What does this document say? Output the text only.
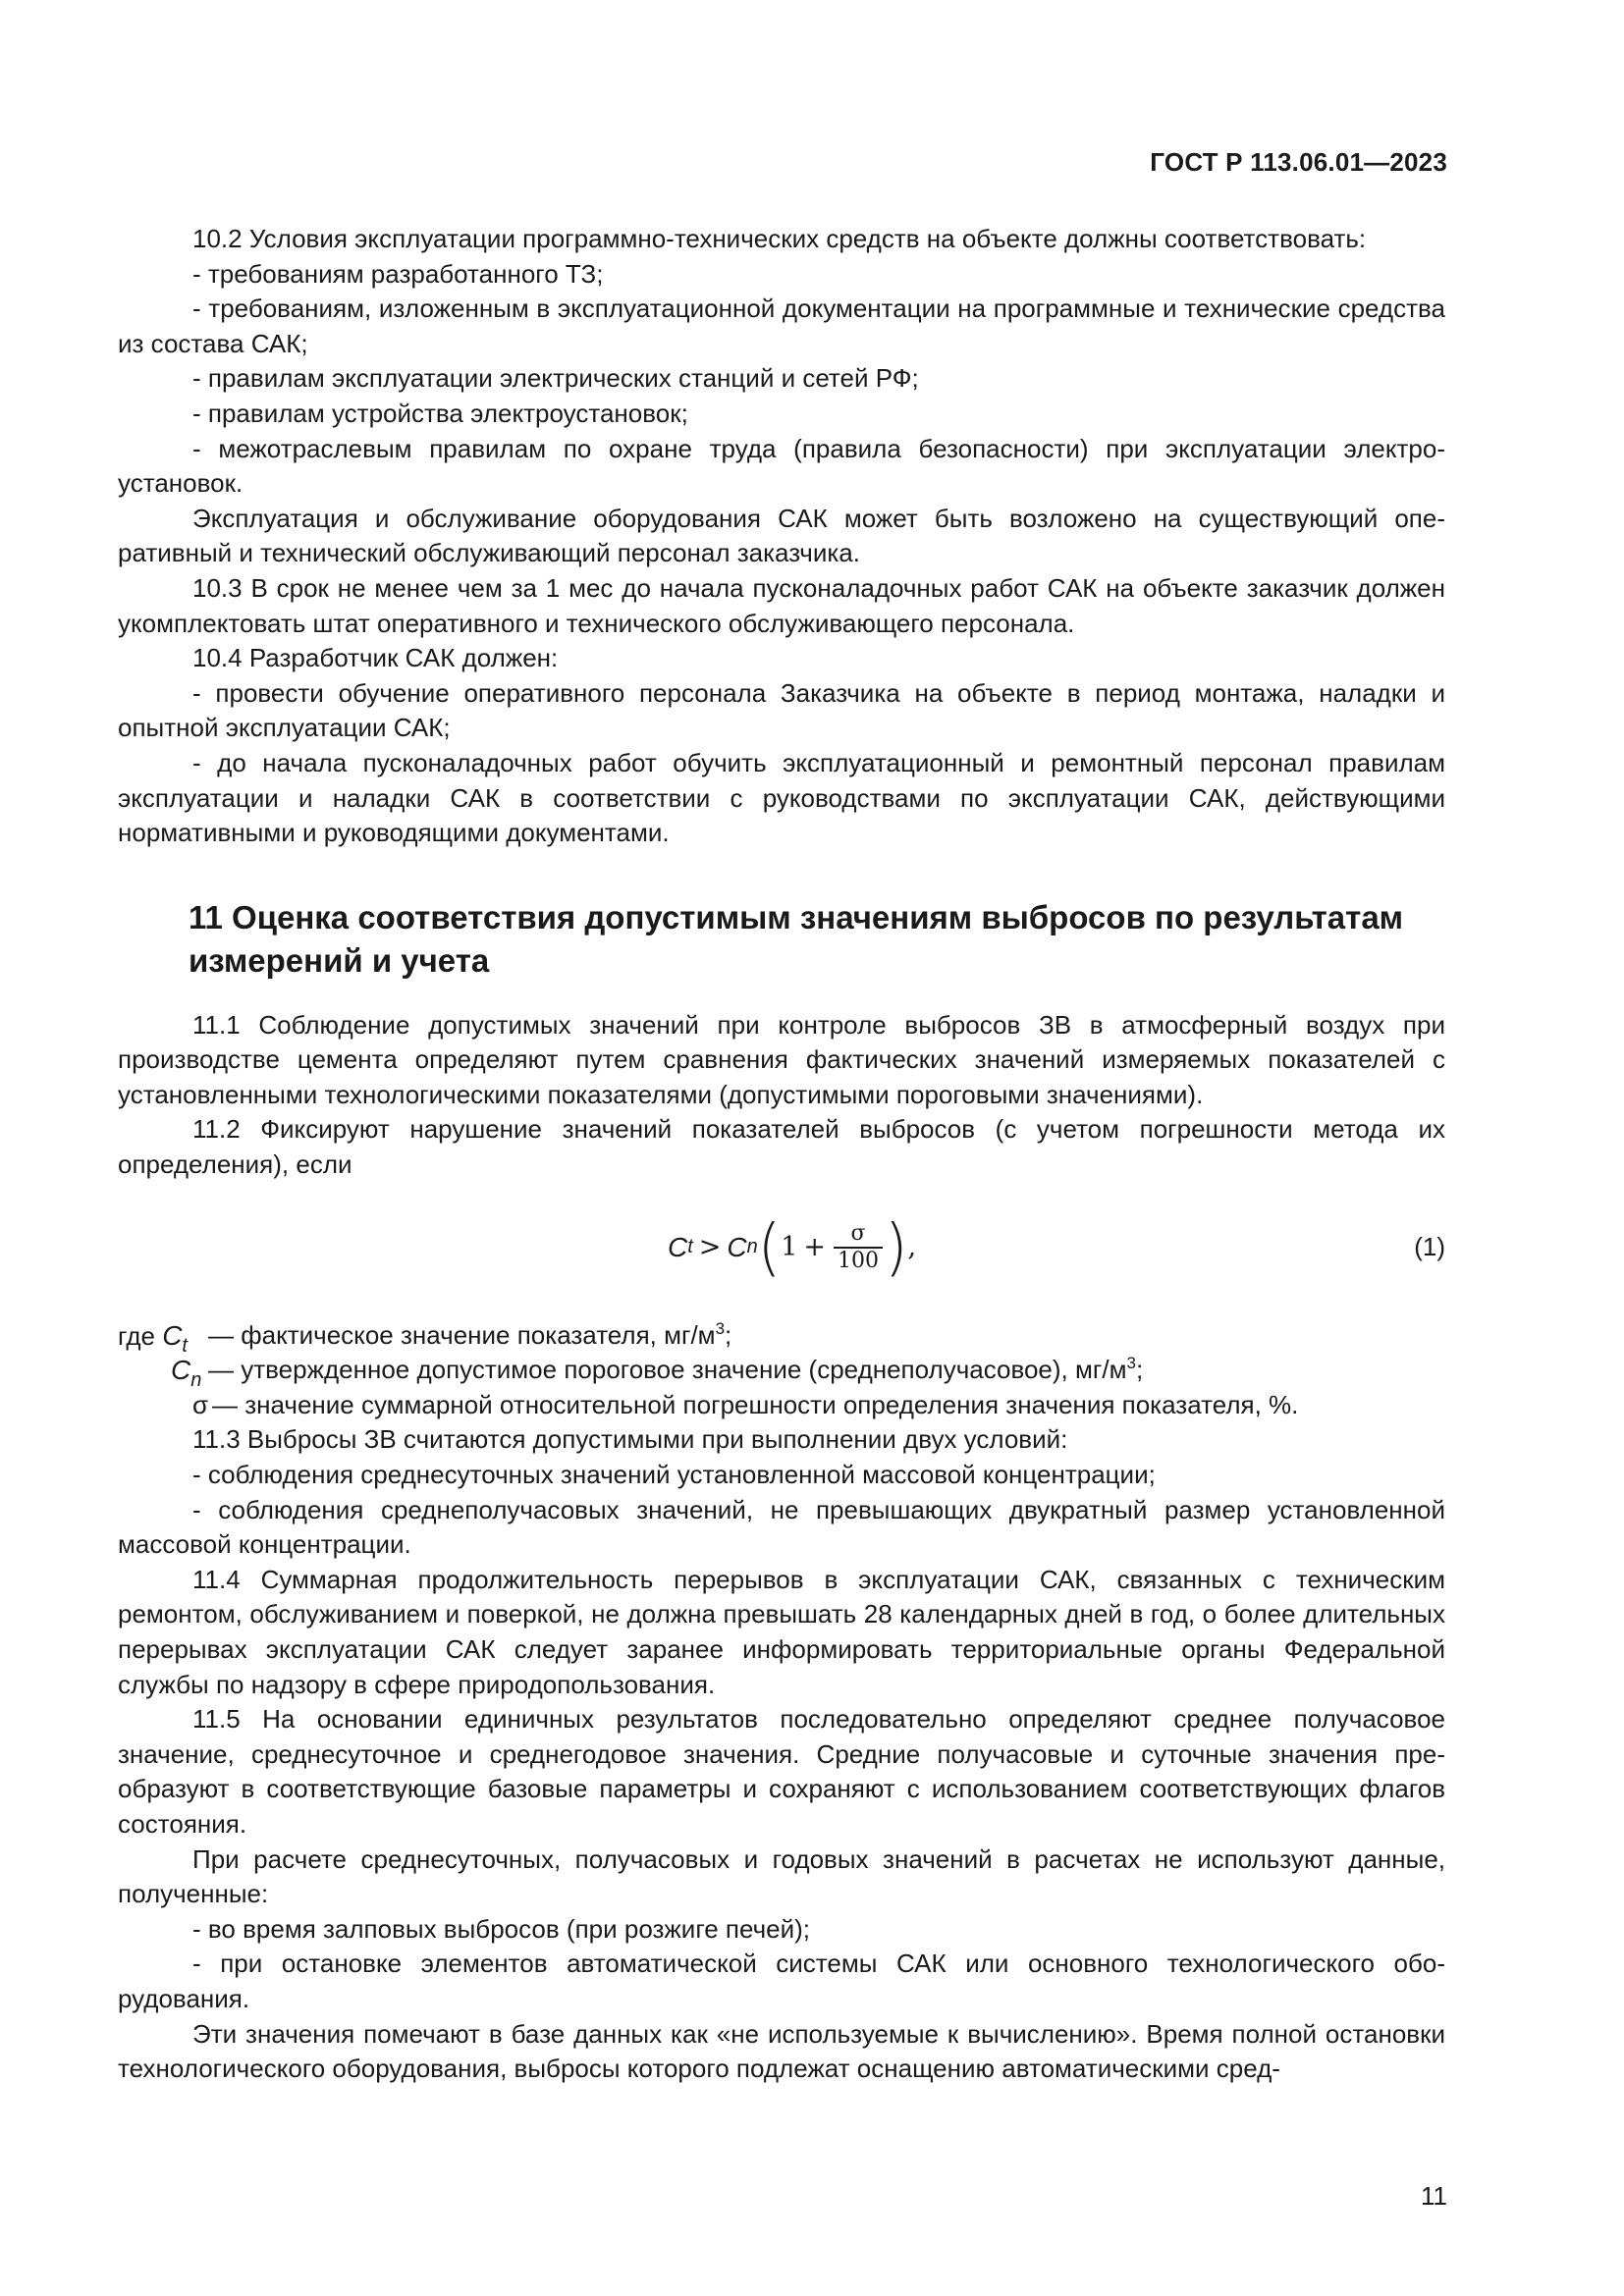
ГОСТ Р 113.06.01—2023

10.2 Условия эксплуатации программно-технических средств на объекте должны соответствовать:

- требованиям разработанного ТЗ;

- требованиям, изложенным в эксплуатационной документации на программные и технические средства из состава САК;

- правилам эксплуатации электрических станций и сетей РФ;

- правилам устройства электроустановок;

- межотраслевым правилам по охране труда (правила безопасности) при эксплуатации электроустановок.

Эксплуатация и обслуживание оборудования САК может быть возложено на существующий оперативный и технический обслуживающий персонал заказчика.

10.3 В срок не менее чем за 1 мес до начала пусконаладочных работ САК на объекте заказчик должен укомплектовать штат оперативного и технического обслуживающего персонала.

10.4 Разработчик САК должен:

- провести обучение оперативного персонала Заказчика на объекте в период монтажа, наладки и опытной эксплуатации САК;

- до начала пусконаладочных работ обучить эксплуатационный и ремонтный персонал правилам эксплуатации и наладки САК в соответствии с руководствами по эксплуатации САК, действующими нормативными и руководящими документами.

11 Оценка соответствия допустимым значениям выбросов по результатам измерений и учета

11.1 Соблюдение допустимых значений при контроле выбросов ЗВ в атмосферный воздух при производстве цемента определяют путем сравнения фактических значений измеряемых показателей с установленными технологическими показателями (допустимыми пороговыми значениями).

11.2 Фиксируют нарушение значений показателей выбросов (с учетом погрешности метода их определения), если

C t > C n ( $1 + \frac{\sigma}{100}$ ) ,	(1)
где $C_t$ — фактическое значение показателя, $мг/м^3$;
$C_n$ — утвержденное допустимое пороговое значение (среднеполучасовое), $мг/м^3$;
σ — значение суммарной относительной погрешности определения значения показателя, %.

11.3 Выбросы ЗВ считаются допустимыми при выполнении двух условий:

- соблюдения среднесуточных значений установленной массовой концентрации;

- соблюдения среднеполучасовых значений, не превышающих двукратный размер установленной массовой концентрации.

11.4 Суммарная продолжительность перерывов в эксплуатации САК, связанных с техническим ремонтом, обслуживанием и поверкой, не должна превышать 28 календарных дней в год, о более длительных перерывах эксплуатации САК следует заранее информировать территориальные органы Федеральной службы по надзору в сфере природопользования.

11.5 На основании единичных результатов последовательно определяют среднее получасовое значение, среднесуточное и среднегодовое значения. Средние получасовые и суточные значения преобразуют в соответствующие базовые параметры и сохраняют с использованием соответствующих флагов состояния.

При расчете среднесуточных, получасовых и годовых значений в расчетах не используют данные, полученные:

- во время залповых выбросов (при розжиге печей);

- при остановке элементов автоматической системы САК или основного технологического оборудования.

Эти значения помечают в базе данных как «не используемые к вычислению». Время полной остановки технологического оборудования, выбросы которого подлежат оснащению автоматическими сред-

11
